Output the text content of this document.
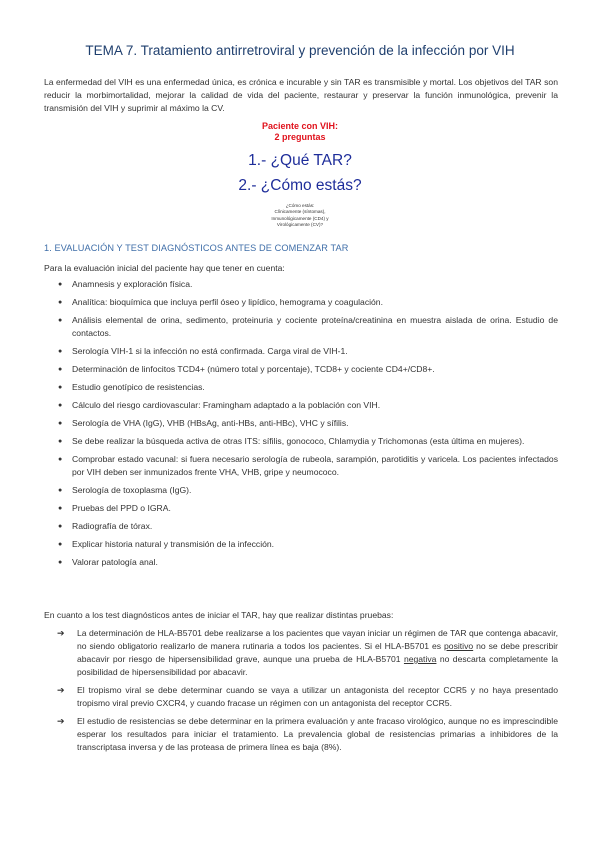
TEMA 7. Tratamiento antirretroviral y prevención de la infección por VIH
La enfermedad del VIH es una enfermedad única, es crónica e incurable y sin TAR es transmisible y mortal. Los objetivos del TAR son reducir la morbimortalidad, mejorar la calidad de vida del paciente, restaurar y preservar la función inmunológica, prevenir la transmisión del VIH y suprimir al máximo la CV.
Paciente con VIH:
2 preguntas
1.- ¿Qué TAR?
2.- ¿Cómo estás?
¿Cómo estás:
Clínicamente (síntomas),
Inmunológicamente (CD4) y
Virológicamente (CV)?
1. EVALUACIÓN Y TEST DIAGNÓSTICOS ANTES DE COMENZAR TAR
Para la evaluación inicial del paciente hay que tener en cuenta:
● Anamnesis y exploración física.
● Analítica: bioquímica que incluya perfil óseo y lipídico, hemograma y coagulación.
● Análisis elemental de orina, sedimento, proteinuria y cociente proteína/creatinina en muestra aislada de orina. Estudio de contactos.
● Serología VIH-1 si la infección no está confirmada. Carga viral de VIH-1.
● Determinación de linfocitos TCD4+ (número total y porcentaje), TCD8+ y cociente CD4+/CD8+.
● Estudio genotípico de resistencias.
● Cálculo del riesgo cardiovascular: Framingham adaptado a la población con VIH.
● Serología de VHA (IgG), VHB (HBsAg, anti-HBs, anti-HBc), VHC y sífilis.
● Se debe realizar la búsqueda activa de otras ITS: sífilis, gonococo, Chlamydia y Trichomonas (esta última en mujeres).
● Comprobar estado vacunal: si fuera necesario serología de rubeola, sarampión, parotiditis y varicela. Los pacientes infectados por VIH deben ser inmunizados frente VHA, VHB, gripe y neumococo.
● Serología de toxoplasma (IgG).
● Pruebas del PPD o IGRA.
● Radiografía de tórax.
● Explicar historia natural y transmisión de la infección.
● Valorar patología anal.
En cuanto a los test diagnósticos antes de iniciar el TAR, hay que realizar distintas pruebas:
➔ La determinación de HLA-B5701 debe realizarse a los pacientes que vayan iniciar un régimen de TAR que contenga abacavir, no siendo obligatorio realizarlo de manera rutinaria a todos los pacientes. Si el HLA-B5701 es positivo no se debe prescribir abacavir por riesgo de hipersensibilidad grave, aunque una prueba de HLA-B5701 negativa no descarta completamente la posibilidad de hipersensibilidad por abacavir.
➔ El tropismo viral se debe determinar cuando se vaya a utilizar un antagonista del receptor CCR5 y no haya presentado tropismo viral previo CXCR4, y cuando fracase un régimen con un antagonista del receptor CCR5.
➔ El estudio de resistencias se debe determinar en la primera evaluación y ante fracaso virológico, aunque no es imprescindible esperar los resultados para iniciar el tratamiento. La prevalencia global de resistencias primarias a inhibidores de la transcriptasa inversa y de las proteasa de primera línea es baja (8%).
